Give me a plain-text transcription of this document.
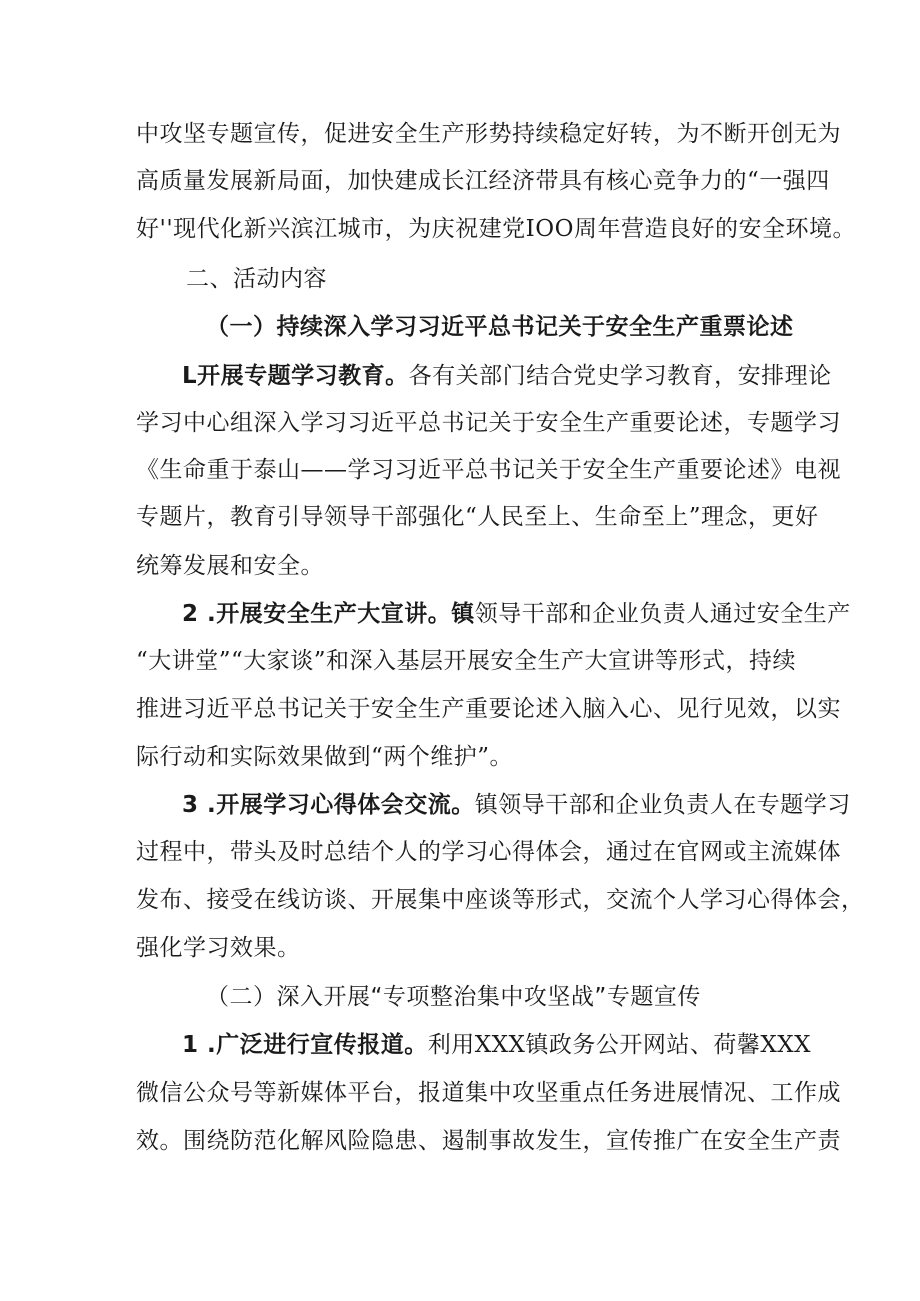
中攻坚专题宣传，促进安全生产形势持续稳定好转，为不断开创无为
高质量发展新局面，加快建成长江经济带具有核心竞争力的“一强四
好''现代化新兴滨江城市，为庆祝建党IOO周年营造良好的安全环境。
二、活动内容
（一）持续深入学习习近平总书记关于安全生产重票论述
L开展专题学习教育。各有关部门结合党史学习教育，安排理论
学习中心组深入学习习近平总书记关于安全生产重要论述，专题学习
《生命重于泰山——学习习近平总书记关于安全生产重要论述》电视
专题片，教育引导领导干部强化“人民至上、生命至上”理念，更好
统筹发展和安全。
2 .开展安全生产大宣讲。镇领导干部和企业负责人通过安全生产
“大讲堂”“大家谈”和深入基层开展安全生产大宣讲等形式，持续
推进习近平总书记关于安全生产重要论述入脑入心、见行见效，以实
际行动和实际效果做到“两个维护”。
3 .开展学习心得体会交流。镇领导干部和企业负责人在专题学习
过程中，带头及时总结个人的学习心得体会，通过在官网或主流媒体
发布、接受在线访谈、开展集中座谈等形式，交流个人学习心得体会，
强化学习效果。
（二）深入开展“专项整治集中攻坚战”专题宣传
1 .广泛进行宣传报道。利用XXX镇政务公开网站、荷馨XXX
微信公众号等新媒体平台，报道集中攻坚重点任务进展情况、工作成
效。围绕防范化解风险隐患、遏制事故发生，宣传推广在安全生产责
